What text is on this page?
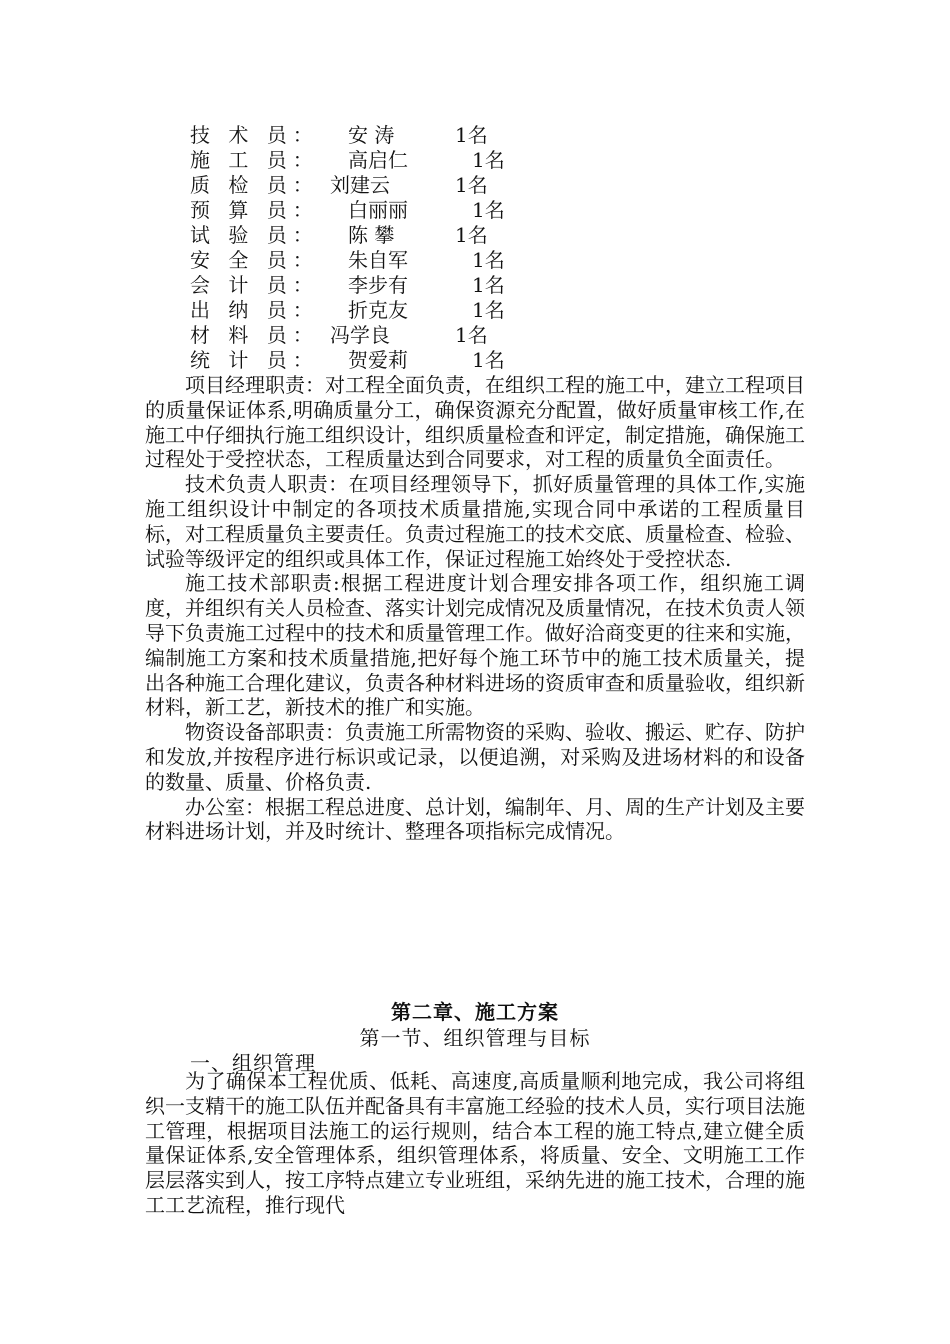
技 术 员： 安 涛	1名
施 工 员： 高启仁	1名
质 检 员： 刘建云	1名
预 算 员： 白丽丽	1名
试 验 员： 陈 攀	1名
安 全 员： 朱自军	1名
会 计 员： 李步有	1名
出 纳 员： 折克友	1名
材 料 员： 冯学良	1名
统 计 员： 贺爱莉	1名

项目经理职责：对工程全面负责，在组织工程的施工中，建立工程项目的质量保证体系,明确质量分工，确保资源充分配置，做好质量审核工作,在施工中仔细执行施工组织设计，组织质量检查和评定，制定措施，确保施工过程处于受控状态，工程质量达到合同要求，对工程的质量负全面责任。

技术负责人职责：在项目经理领导下，抓好质量管理的具体工作,实施施工组织设计中制定的各项技术质量措施,实现合同中承诺的工程质量目标，对工程质量负主要责任。负责过程施工的技术交底、质量检查、检验、试验等级评定的组织或具体工作，保证过程施工始终处于受控状态.

施工技术部职责:根据工程进度计划合理安排各项工作，组织施工调度，并组织有关人员检查、落实计划完成情况及质量情况，在技术负责人领导下负责施工过程中的技术和质量管理工作。做好洽商变更的往来和实施，编制施工方案和技术质量措施,把好每个施工环节中的施工技术质量关，提出各种施工合理化建议，负责各种材料进场的资质审查和质量验收，组织新材料，新工艺，新技术的推广和实施。

物资设备部职责：负责施工所需物资的采购、验收、搬运、贮存、防护和发放,并按程序进行标识或记录，以便追溯，对采购及进场材料的和设备的数量、质量、价格负责.

办公室：根据工程总进度、总计划，编制年、月、周的生产计划及主要材料进场计划，并及时统计、整理各项指标完成情况。

第二章、施工方案
第一节、组织管理与目标
一、组织管理

为了确保本工程优质、低耗、高速度,高质量顺利地完成，我公司将组织一支精干的施工队伍并配备具有丰富施工经验的技术人员，实行项目法施工管理，根据项目法施工的运行规则，结合本工程的施工特点,建立健全质量保证体系,安全管理体系，组织管理体系，将质量、安全、文明施工工作层层落实到人，按工序特点建立专业班组，采纳先进的施工技术，合理的施工工艺流程，推行现代
